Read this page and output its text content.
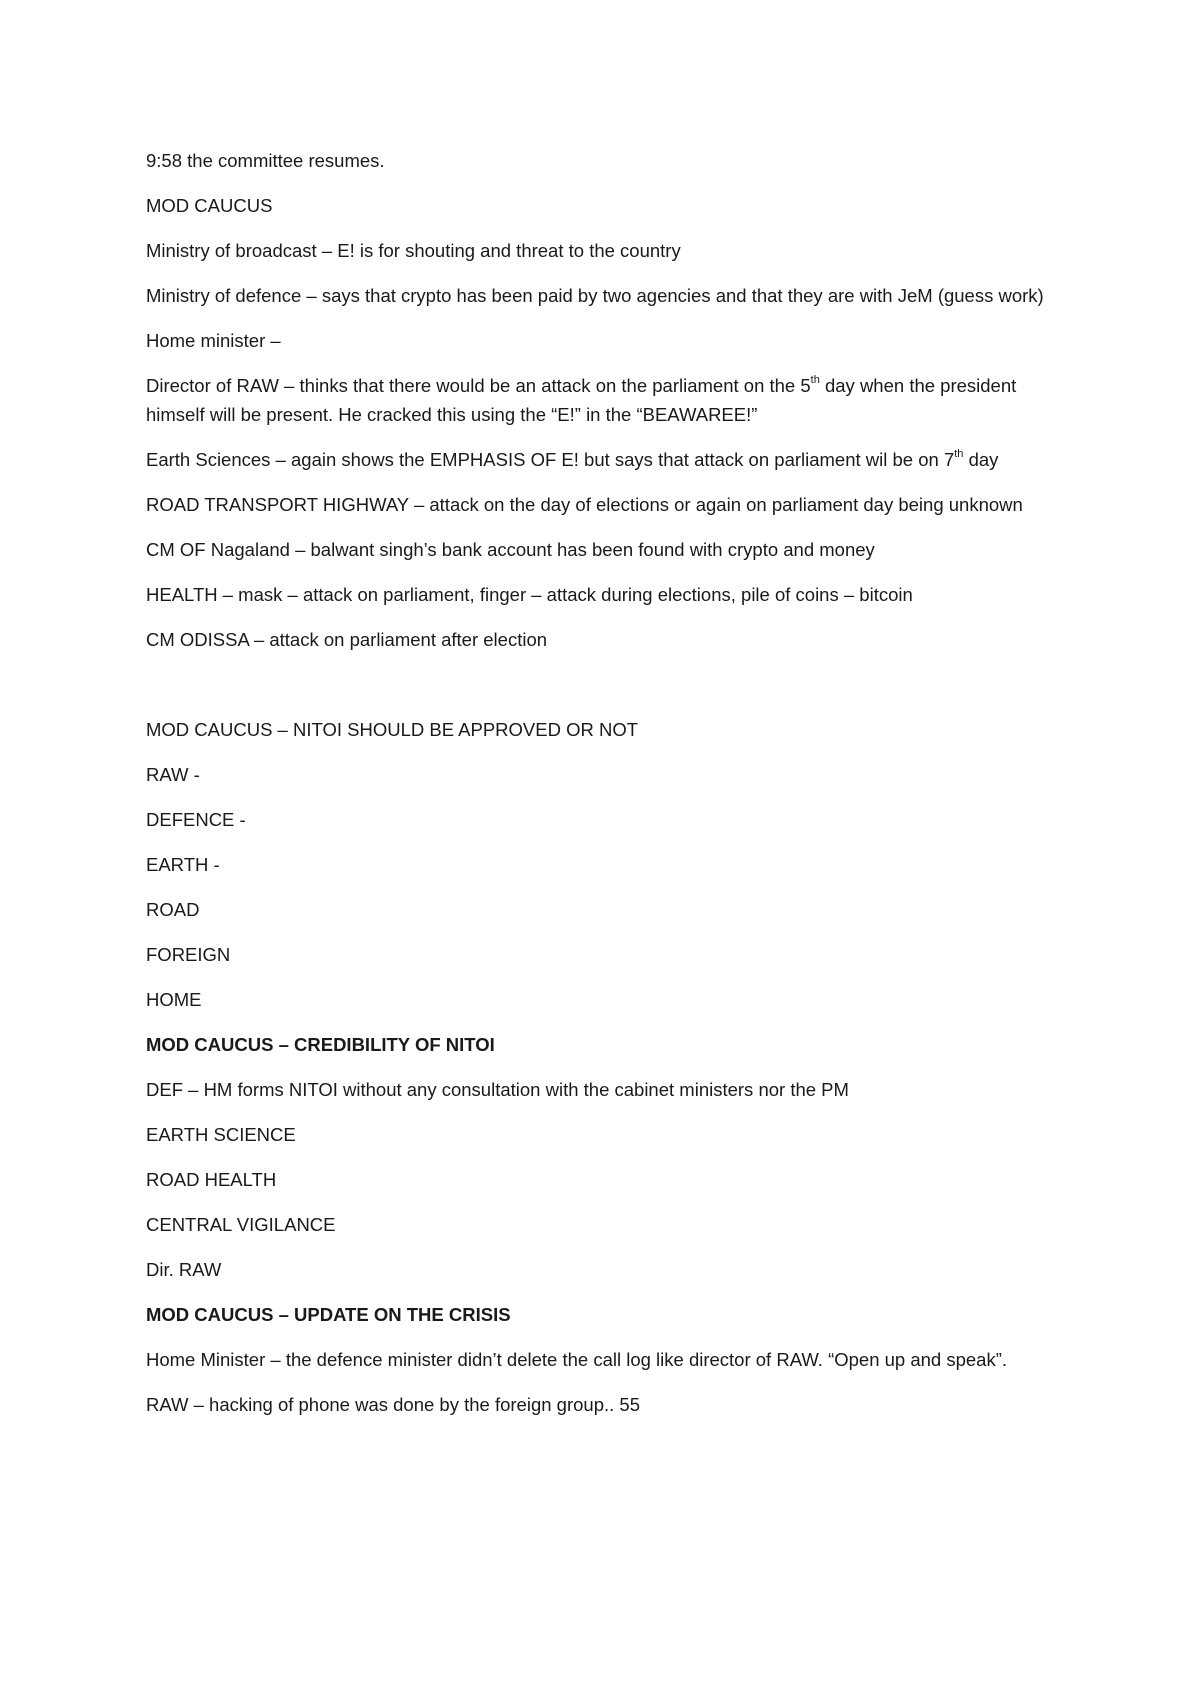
9:58 the committee resumes.

MOD CAUCUS

Ministry of broadcast – E! is for shouting and threat to the country

Ministry of defence – says that crypto has been paid by two agencies and that they are with JeM (guess work)

Home minister –

Director of RAW – thinks that there would be an attack on the parliament on the 5th day when the president himself will be present. He cracked this using the “E!” in the “BEAWAREE!”

Earth Sciences – again shows the EMPHASIS OF E! but says that attack on parliament wil be on 7th day

ROAD TRANSPORT HIGHWAY – attack on the day of elections or again on parliament day being unknown

CM OF Nagaland – balwant singh’s bank account has been found with crypto and money

HEALTH – mask – attack on parliament, finger – attack during elections, pile of coins – bitcoin

CM ODISSA – attack on parliament after election

MOD CAUCUS – NITOI SHOULD BE APPROVED OR NOT

RAW -

DEFENCE -

EARTH -

ROAD

FOREIGN

HOME

MOD CAUCUS – CREDIBILITY OF NITOI

DEF – HM forms NITOI without any consultation with the cabinet ministers nor the PM

EARTH SCIENCE

ROAD HEALTH

CENTRAL VIGILANCE

Dir. RAW

MOD CAUCUS – UPDATE ON THE CRISIS

Home Minister – the defence minister didn’t delete the call log like director of RAW. “Open up and speak”.

RAW – hacking of phone was done by the foreign group.. 55
